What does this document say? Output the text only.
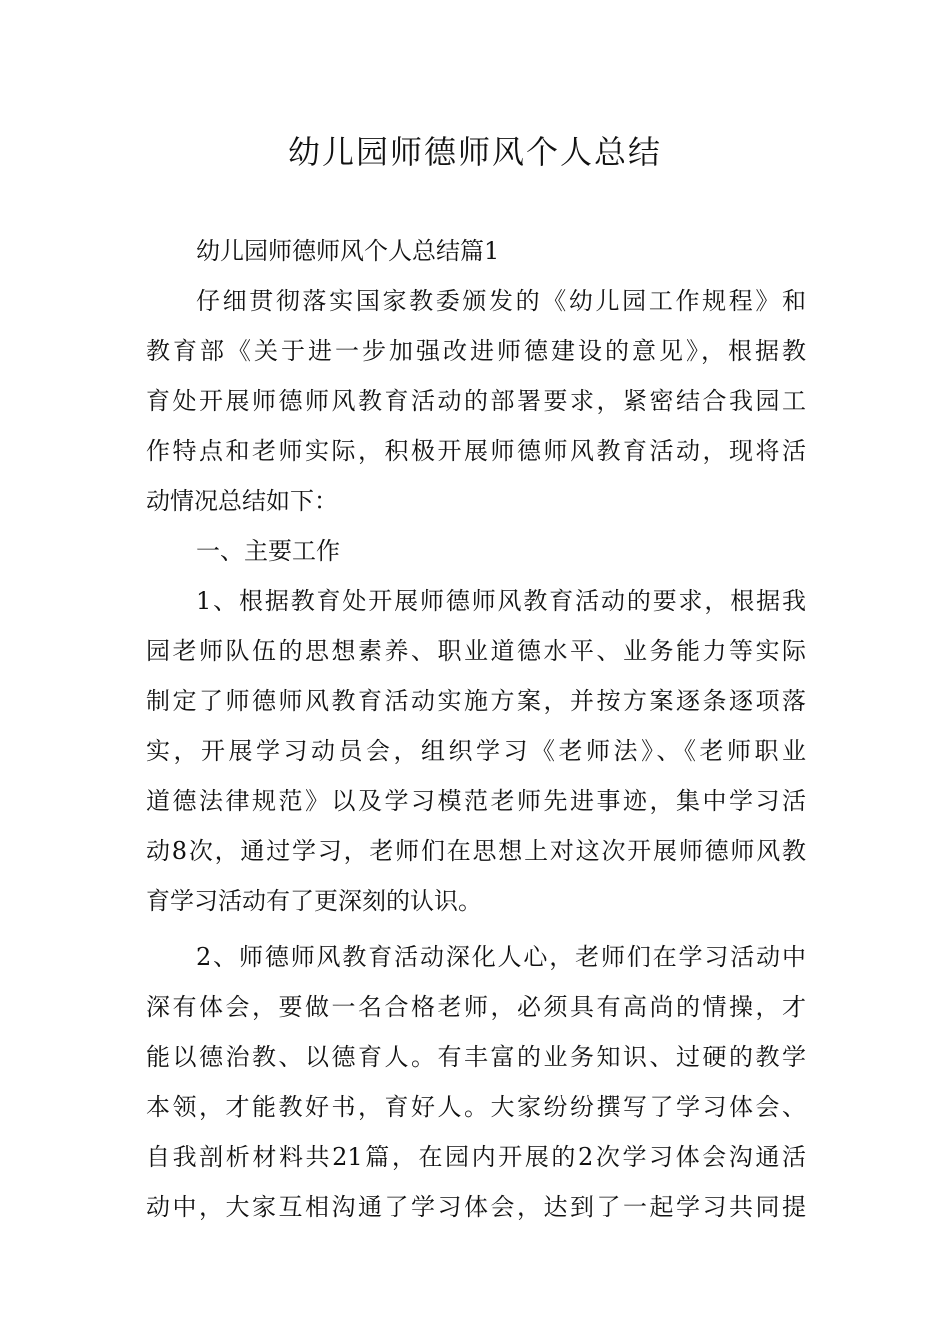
幼儿园师德师风个人总结
幼儿园师德师风个人总结篇1
仔细贯彻落实国家教委颁发的《幼儿园工作规程》和
教育部《关于进一步加强改进师德建设的意见》，根据教
育处开展师德师风教育活动的部署要求，紧密结合我园工
作特点和老师实际，积极开展师德师风教育活动，现将活
动情况总结如下：
一、主要工作
1、根据教育处开展师德师风教育活动的要求，根据我
园老师队伍的思想素养、职业道德水平、业务能力等实际
制定了师德师风教育活动实施方案，并按方案逐条逐项落
实，开展学习动员会，组织学习《老师法》、《老师职业
道德法律规范》以及学习模范老师先进事迹，集中学习活
动8次，通过学习，老师们在思想上对这次开展师德师风教
育学习活动有了更深刻的认识。
2、师德师风教育活动深化人心，老师们在学习活动中
深有体会，要做一名合格老师，必须具有高尚的情操，才
能以德治教、以德育人。有丰富的业务知识、过硬的教学
本领，才能教好书，育好人。大家纷纷撰写了学习体会、
自我剖析材料共21篇，在园内开展的2次学习体会沟通活
动中，大家互相沟通了学习体会，达到了一起学习共同提
